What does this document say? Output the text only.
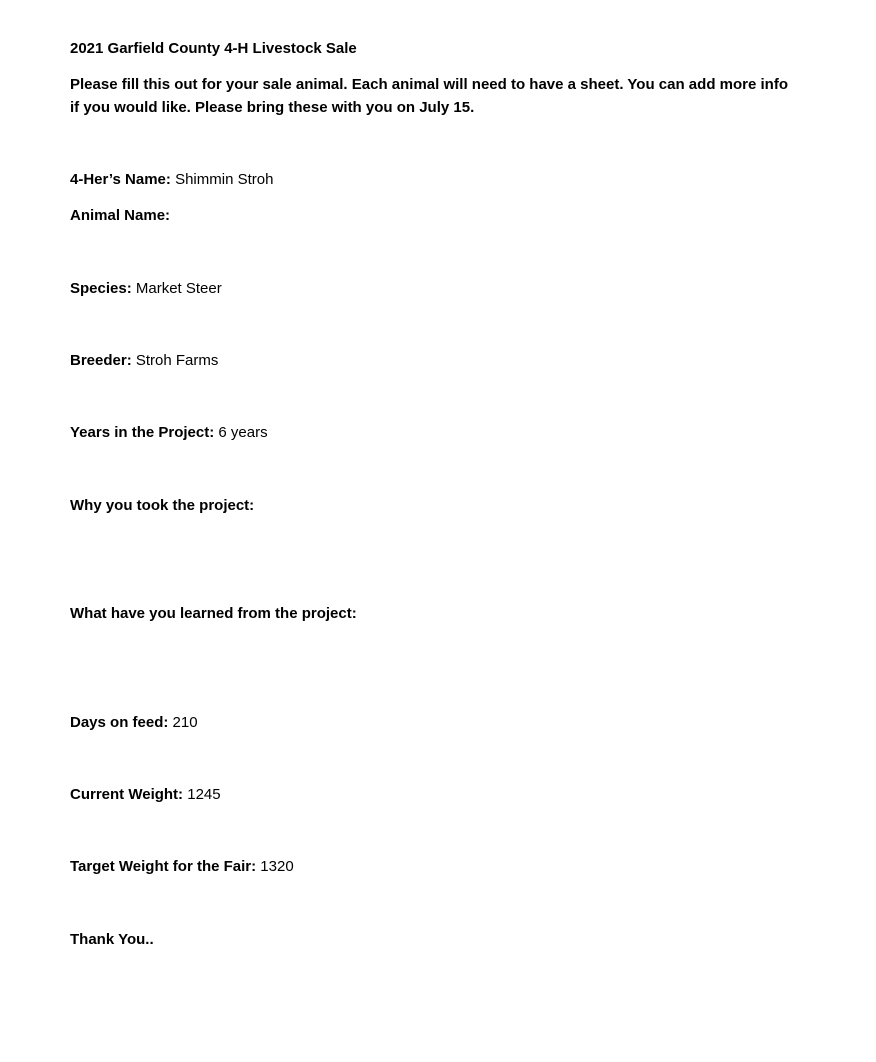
2021 Garfield County 4-H Livestock Sale
Please fill this out for your sale animal. Each animal will need to have a sheet. You can add more info
if you would like. Please bring these with you on July 15.
4-Her’s Name: Shimmin Stroh
Animal Name:
Species: Market Steer
Breeder: Stroh Farms
Years in the Project: 6 years
Why you took the project:
What have you learned from the project:
Days on feed: 210
Current Weight: 1245
Target Weight for the Fair: 1320
Thank You..
